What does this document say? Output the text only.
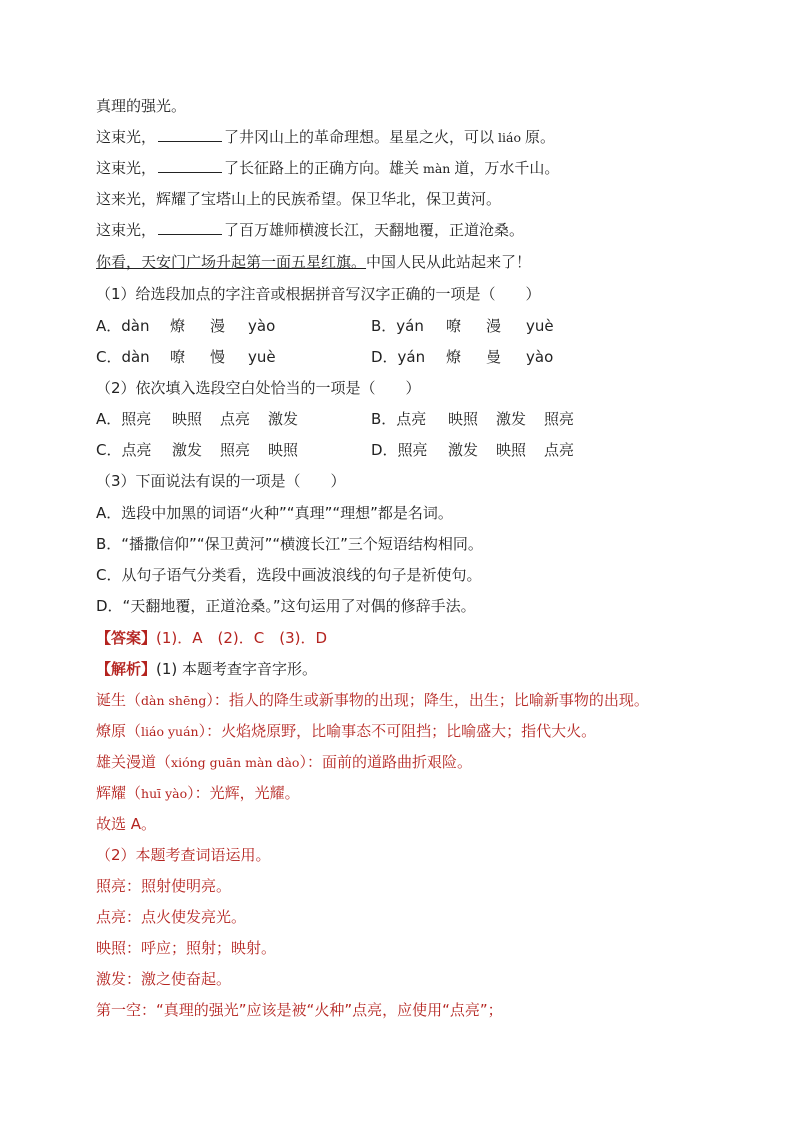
真理的强光。
这束光，	了井冈山上的革命理想。星星之火，可以 liáo 原。
这束光，	了长征路上的正确方向。雄关 màn 道，万水千山。
这来光，辉耀了宝塔山上的民族希望。保卫华北，保卫黄河。
这束光，	了百万雄师横渡长江，天翻地覆，正道沧桑。
你看，天安门广场升起第一面五星红旗。中国人民从此站起来了！
（1）给选段加点的字注音或根据拼音写汉字正确的一项是（　　）
A．dàn 燎 漫 yào	B．yán 嘹 漫 yuè
C．dàn 嘹 慢 yuè	D．yán 燎 曼 yào
（2）依次填入选段空白处恰当的一项是（　　）
A．照亮 映照 点亮 激发	B．点亮 映照 激发 照亮
C．点亮 激发 照亮 映照	D．照亮 激发 映照 点亮
（3）下面说法有误的一项是（　　）
A．选段中加黑的词语“火种”“真理”“理想”都是名词。
B．“播撒信仰”“保卫黄河”“横渡长江”三个短语结构相同。
C．从句子语气分类看，选段中画波浪线的句子是祈使句。
D．“天翻地覆，正道沧桑。”这句运用了对偶的修辞手法。
【答案】(1)．A　(2)．C　(3)．D
【解析】(1) 本题考查字音字形。
诞生（dàn shēng）：指人的降生或新事物的出现；降生，出生；比喻新事物的出现。
燎原（liáo yuán）：火焰烧原野，比喻事态不可阻挡；比喻盛大；指代大火。
雄关漫道（xióng guān màn dào）：面前的道路曲折艰险。
辉耀（huī yào）：光辉，光耀。
故选 A。
（2）本题考查词语运用。
照亮：照射使明亮。
点亮：点火使发亮光。
映照：呼应；照射；映射。
激发：激之使奋起。
第一空：“真理的强光”应该是被“火种”点亮，应使用“点亮”；
